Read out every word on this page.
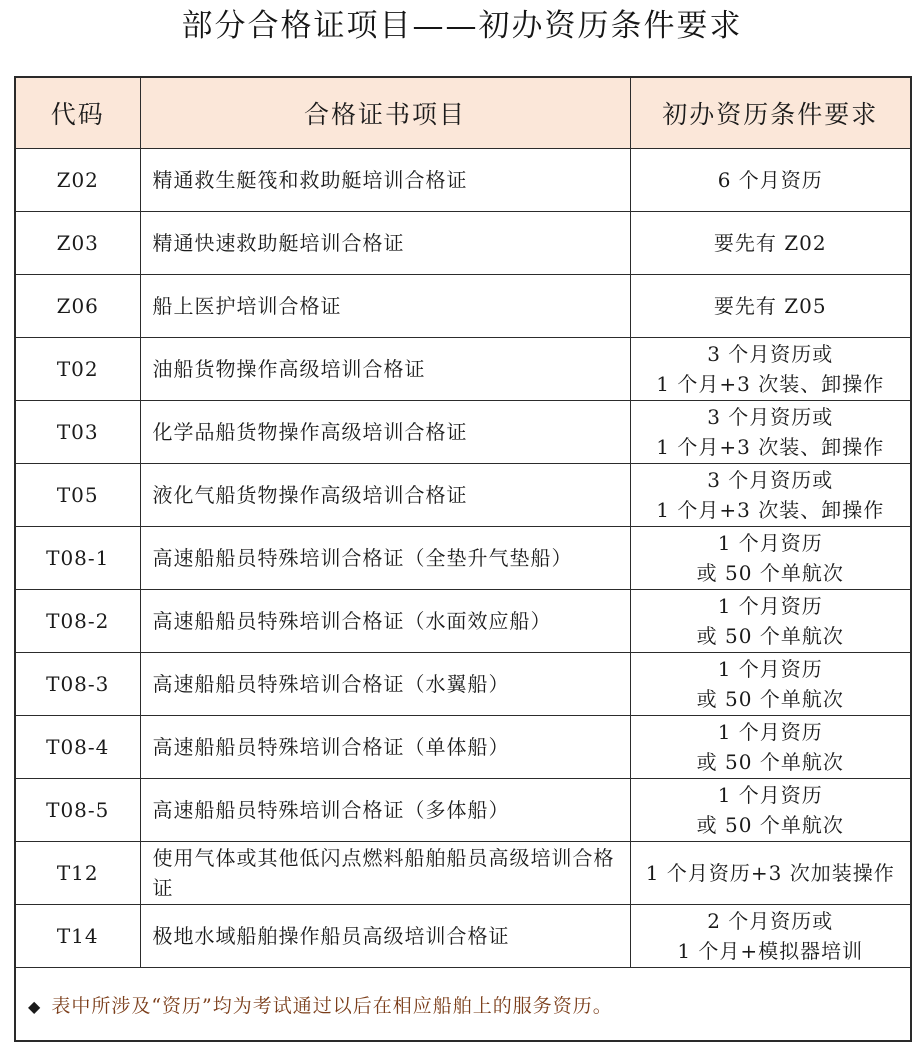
部分合格证项目——初办资历条件要求
代码	合格证书项目	初办资历条件要求
Z02	精通救生艇筏和救助艇培训合格证	6 个月资历

Z03	精通快速救助艇培训合格证	要先有 Z02

Z06	船上医护培训合格证	要先有 Z05

T02	油船货物操作高级培训合格证	3 个月资历或
1 个月+3 次装、卸操作

T03	化学品船货物操作高级培训合格证	3 个月资历或
1 个月+3 次装、卸操作

T05	液化气船货物操作高级培训合格证	3 个月资历或
1 个月+3 次装、卸操作

T08-1	高速船船员特殊培训合格证（全垫升气垫船）	1 个月资历
或 50 个单航次

T08-2	高速船船员特殊培训合格证（水面效应船）	1 个月资历
或 50 个单航次

T08-3	高速船船员特殊培训合格证（水翼船）	1 个月资历
或 50 个单航次

T08-4	高速船船员特殊培训合格证（单体船）	1 个月资历
或 50 个单航次

T08-5	高速船船员特殊培训合格证（多体船）	1 个月资历
或 50 个单航次

T12	使用气体或其他低闪点燃料船舶船员高级培训合格证	1 个月资历+3 次加装操作

T14	极地水域船舶操作船员高级培训合格证	2 个月资历或
1 个月+模拟器培训
◆ 表中所涉及“资历”均为考试通过以后在相应船舶上的服务资历。
